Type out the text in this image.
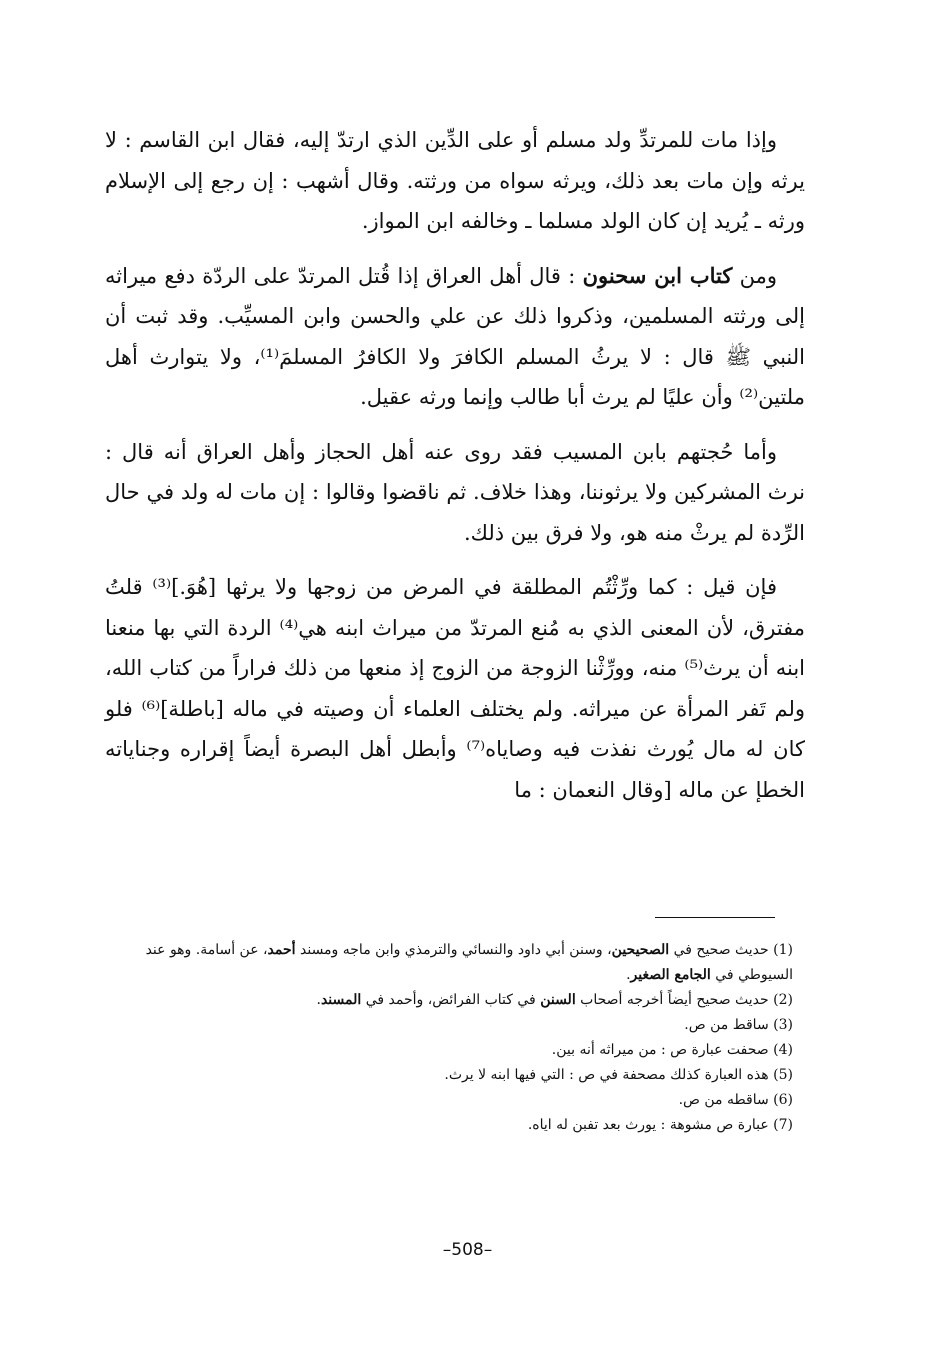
وإذا مات للمرتدِّ ولد مسلم أو على الدِّين الذي ارتدّ إليه، فقال ابن القاسم : لا يرثه وإن مات بعد ذلك، ويرثه سواه من ورثته. وقال أشهب : إن رجع إلى الإسلام ورثه ـ يُريد إن كان الولد مسلما ـ وخالفه ابن المواز.

ومن كتاب ابن سحنون : قال أهل العراق إذا قُتل المرتدّ على الردّة دفع ميراثه إلى ورثته المسلمين، وذكروا ذلك عن علي والحسن وابن المسيِّب. وقد ثبت أن النبي ﷺ قال : لا يرثُ المسلم الكافرَ ولا الكافرُ المسلمَ⁽¹⁾، ولا يتوارث أهل ملتين⁽²⁾ وأن عليًا لم يرث أبا طالب وإنما ورثه عقيل.

وأما حُجتهم بابن المسيب فقد روى عنه أهل الحجاز وأهل العراق أنه قال : نرث المشركين ولا يرثوننا، وهذا خلاف. ثم ناقضوا وقالوا : إن مات له ولد في حال الرِّدة لم يرثْ منه هو، ولا فرق بين ذلك.

فإن قيل : كما ورِّثْتُم المطلقة في المرض من زوجها ولا يرثها [هُوَ.]⁽³⁾ قلتُ مفترق، لأن المعنى الذي به مُنع المرتدّ من ميراث ابنه هي⁽⁴⁾ الردة التي بها منعنا ابنه أن يرث⁽⁵⁾ منه، وورِّثْنا الزوجة من الزوج إذ منعها من ذلك فراراً من كتاب الله، ولم تَفر المرأة عن ميراثه. ولم يختلف العلماء أن وصيته في ماله [باطلة]⁽⁶⁾ فلو كان له مال يُورث نفذت فيه وصاياه⁽⁷⁾ وأبطل أهل البصرة أيضاً إقراره وجناياته الخطإ عن ماله [وقال النعمان : ما

(1) حديث صحيح في الصحيحين، وسنن أبي داود والنسائي والترمذي وابن ماجه ومسند أحمد، عن أسامة. وهو عند السيوطي في الجامع الصغير.

(2) حديث صحيح أيضاً أخرجه أصحاب السنن في كتاب الفرائض، وأحمد في المسند.

(3) ساقط من ص.

(4) صحفت عبارة ص : من ميراثه أنه بين.

(5) هذه العبارة كذلك مصحفة في ص : التي فيها ابنه لا يرث.

(6) ساقطه من ص.

(7) عبارة ص مشوهة : يورث بعد تفبن له اياه.

–508–
